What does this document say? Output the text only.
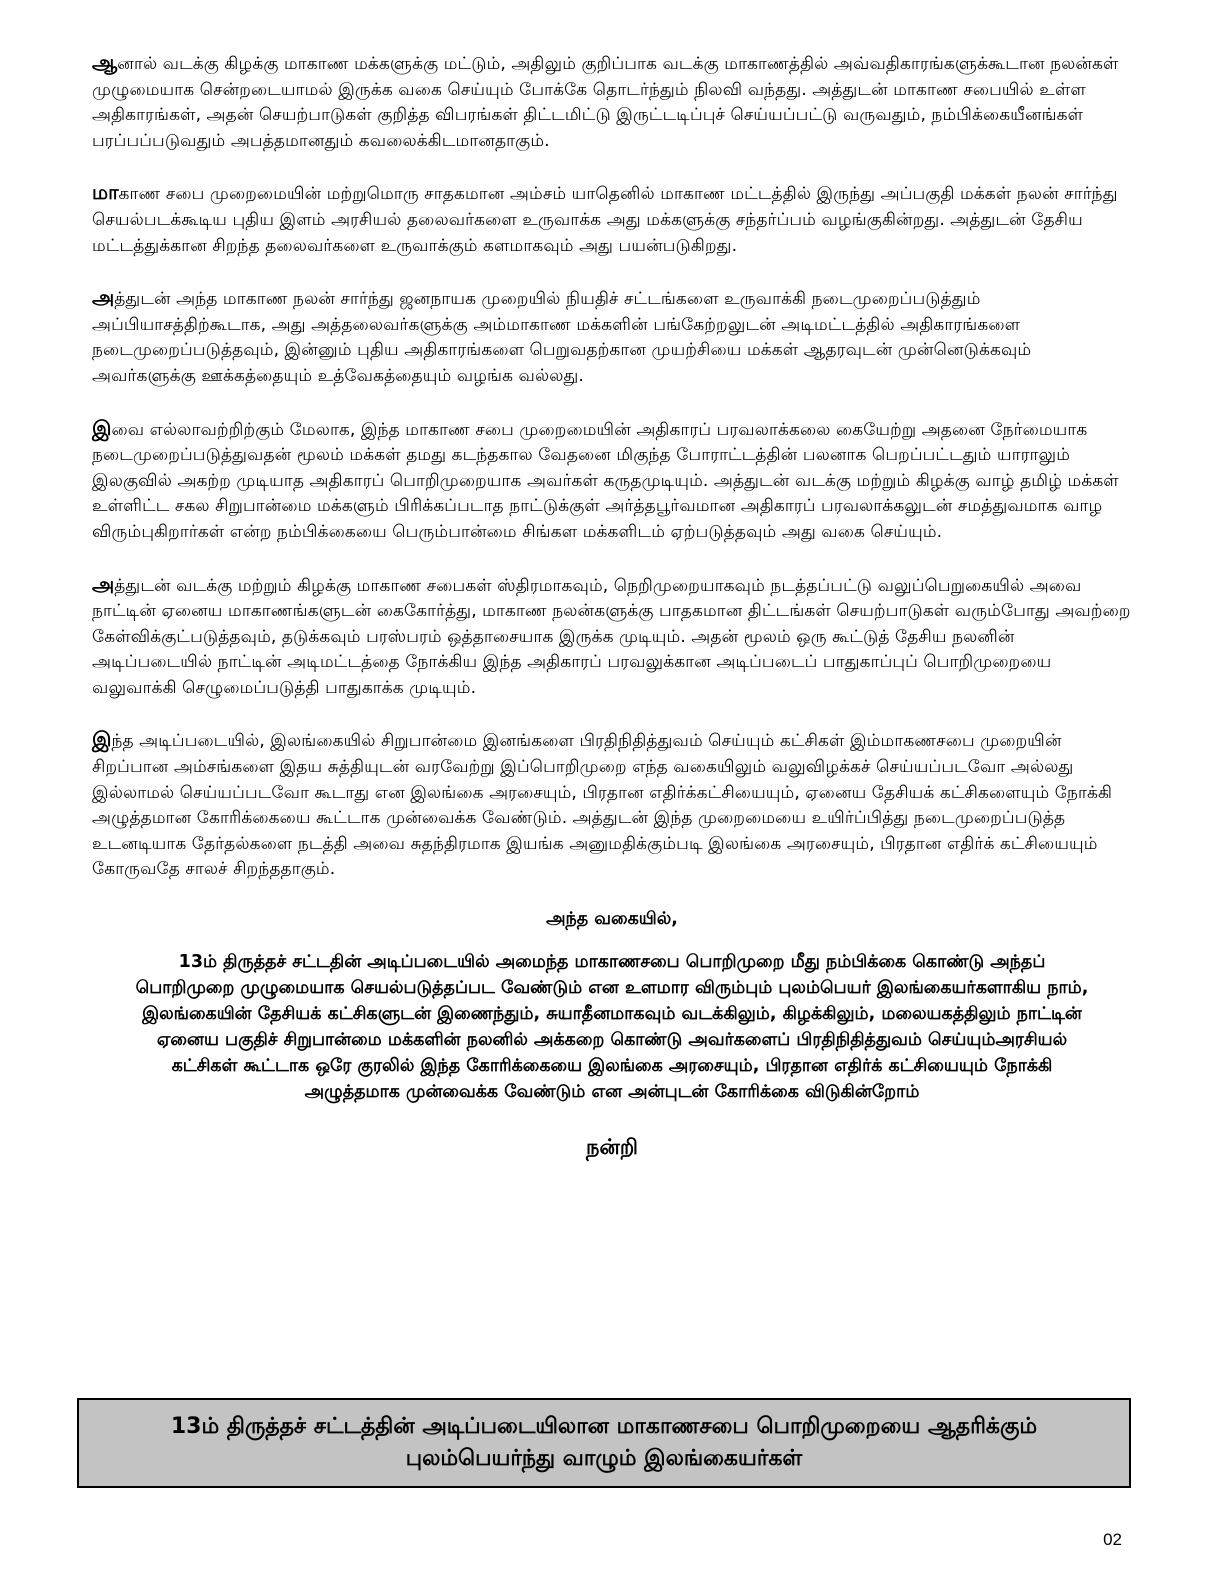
ஆனால் வடக்கு கிழக்கு மாகாண மக்களுக்கு மட்டும், அதிலும் குறிப்பாக வடக்கு மாகாணத்தில் அவ்வதிகாரங்களுக்கூடான நலன்கள் முழுமையாக சென்றடையாமல் இருக்க வகை செய்யும் போக்கே தொடர்ந்தும் நிலவி வந்தது. அத்துடன் மாகாண சபையில் உள்ள அதிகாரங்கள், அதன் செயற்பாடுகள் குறித்த விபரங்கள் திட்டமிட்டு இருட்டடிப்புச் செய்யப்பட்டு வருவதும், நம்பிக்கையீனங்கள் பரப்பப்படுவதும் அபத்தமானதும் கவலைக்கிடமானதாகும்.

மாகாண சபை முறைமையின் மற்றுமொரு சாதகமான அம்சம் யாதெனில் மாகாண மட்டத்தில் இருந்து அப்பகுதி மக்கள் நலன் சார்ந்து செயல்படக்கூடிய புதிய இளம் அரசியல் தலைவர்களை உருவாக்க அது மக்களுக்கு சந்தர்ப்பம் வழங்குகின்றது. அத்துடன் தேசிய மட்டத்துக்கான சிறந்த தலைவர்களை உருவாக்கும் களமாகவும் அது பயன்படுகிறது.

அத்துடன் அந்த மாகாண நலன் சார்ந்து ஜனநாயக முறையில் நியதிச் சட்டங்களை உருவாக்கி நடைமுறைப்படுத்தும் அப்பியாசத்திற்கூடாக, அது அத்தலைவர்களுக்கு அம்மாகாண மக்களின் பங்கேற்றலுடன் அடிமட்டத்தில் அதிகாரங்களை நடைமுறைப்படுத்தவும், இன்னும் புதிய அதிகாரங்களை பெறுவதற்கான முயற்சியை மக்கள் ஆதரவுடன் முன்னெடுக்கவும் அவர்களுக்கு ஊக்கத்தையும் உத்வேகத்தையும் வழங்க வல்லது.

இவை எல்லாவற்றிற்கும் மேலாக, இந்த மாகாண சபை முறைமையின் அதிகாரப் பரவலாக்கலை கையேற்று அதனை நேர்மையாக நடைமுறைப்படுத்துவதன் மூலம் மக்கள் தமது கடந்தகால வேதனை மிகுந்த போராட்டத்தின் பலனாக பெறப்பட்டதும் யாராலும் இலகுவில் அகற்ற முடியாத அதிகாரப் பொறிமுறையாக அவர்கள் கருதமுடியும். அத்துடன் வடக்கு மற்றும் கிழக்கு வாழ் தமிழ் மக்கள் உள்ளிட்ட சகல சிறுபான்மை மக்களும் பிரிக்கப்படாத நாட்டுக்குள் அர்த்தபூர்வமான அதிகாரப் பரவலாக்கலுடன் சமத்துவமாக வாழ விரும்புகிறார்கள் என்ற நம்பிக்கையை பெரும்பான்மை சிங்கள மக்களிடம் ஏற்படுத்தவும் அது வகை செய்யும்.

அத்துடன் வடக்கு மற்றும் கிழக்கு மாகாண சபைகள் ஸ்திரமாகவும், நெறிமுறையாகவும் நடத்தப்பட்டு வலுப்பெறுகையில் அவை நாட்டின் ஏனைய மாகாணங்களுடன் கைகோர்த்து, மாகாண நலன்களுக்கு பாதகமான திட்டங்கள் செயற்பாடுகள் வரும்போது அவற்றை கேள்விக்குட்படுத்தவும், தடுக்கவும் பரஸ்பரம் ஒத்தாசையாக இருக்க முடியும். அதன் மூலம் ஒரு கூட்டுத் தேசிய நலனின் அடிப்படையில் நாட்டின் அடிமட்டத்தை நோக்கிய இந்த அதிகாரப் பரவலுக்கான அடிப்படைப் பாதுகாப்புப் பொறிமுறையை வலுவாக்கி செழுமைப்படுத்தி பாதுகாக்க முடியும்.

இந்த அடிப்படையில், இலங்கையில் சிறுபான்மை இனங்களை பிரதிநிதித்துவம் செய்யும் கட்சிகள் இம்மாகணசபை முறையின் சிறப்பான அம்சங்களை இதய சுத்தியுடன் வரவேற்று இப்பொறிமுறை எந்த வகையிலும் வலுவிழக்கச் செய்யப்படவோ அல்லது இல்லாமல் செய்யப்படவோ கூடாது என இலங்கை அரசையும், பிரதான எதிர்க்கட்சியையும், ஏனைய தேசியக் கட்சிகளையும் நோக்கி அழுத்தமான கோரிக்கையை கூட்டாக முன்வைக்க வேண்டும். அத்துடன் இந்த முறைமையை உயிர்ப்பித்து நடைமுறைப்படுத்த உடனடியாக தேர்தல்களை நடத்தி அவை சுதந்திரமாக இயங்க அனுமதிக்கும்படி இலங்கை அரசையும், பிரதான எதிர்க் கட்சியையும் கோருவதே சாலச் சிறந்ததாகும்.

அந்த வகையில்,
13ம் திருத்தச் சட்டதின் அடிப்படையில் அமைந்த மாகாணசபை பொறிமுறை மீது நம்பிக்கை கொண்டு அந்தப் பொறிமுறை முழுமையாக செயல்படுத்தப்பட வேண்டும் என உளமார விரும்பும் புலம்பெயர் இலங்கையர்களாகிய நாம், இலங்கையின் தேசியக் கட்சிகளுடன் இணைந்தும், சுயாதீனமாகவும் வடக்கிலும், கிழக்கிலும், மலையகத்திலும் நாட்டின் ஏனைய பகுதிச் சிறுபான்மை மக்களின் நலனில் அக்கறை கொண்டு அவர்களைப் பிரதிநிதித்துவம் செய்யும்அரசியல் கட்சிகள் கூட்டாக ஒரே குரலில் இந்த கோரிக்கையை இலங்கை அரசையும், பிரதான எதிர்க் கட்சியையும் நோக்கி அழுத்தமாக முன்வைக்க வேண்டும் என அன்புடன் கோரிக்கை விடுகின்றோம்
நன்றி
13ம் திருத்தச் சட்டத்தின் அடிப்படையிலான மாகாணசபை பொறிமுறையை ஆதரிக்கும் புலம்பெயர்ந்து வாழும் இலங்கையர்கள்
02
